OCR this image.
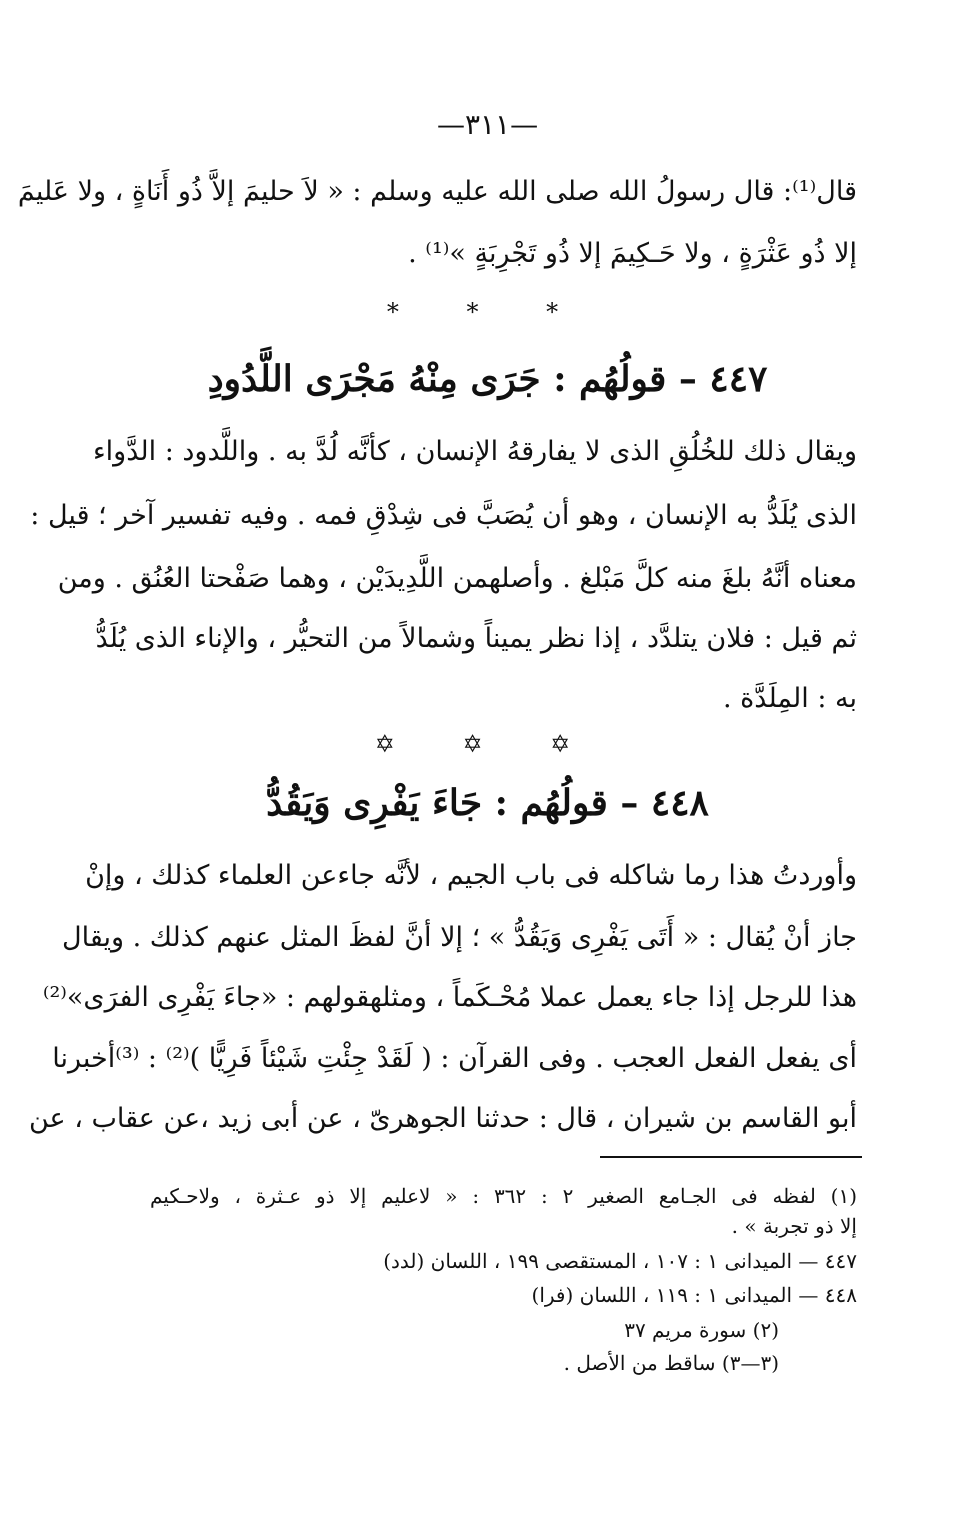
—٣١١—
قال⁽¹⁾: قال رسولُ الله صلى الله عليه وسلم : « لاَ حليمَ إلاَّ ذُو أَنَاةٍ ، ولا عَليمَ
إلا ذُو عَثْرَةٍ ، ولا حَـكِيمَ إلا ذُو تَجْرِبَةٍ »⁽¹⁾ .
* * *
٤٤٧ – قولُهُم : جَرَى مِنْهُ مَجْرَى اللَّدُودِ
ويقال ذلك للخُلُقِ الذى لا يفارقهُ الإنسان ، كأنَّه لُدَّ به . واللَّدود : الدَّواء
الذى يُلَدُّ به الإنسان ، وهو أن يُصَبَّ فى شِدْقِ فمه . وفيه تفسير آخر ؛ قيل :
معناه أنَّهُ بلغَ منه كلَّ مَبْلغ . وأصلهمن اللَّدِيدَيْن ، وهما صَفْحتا العُنُق . ومن
ثم قيل : فلان يتلدَّد ، إذا نظر يميناً وشمالاً من التحيُّر ، والإناء الذى يُلَدُّ
به : المِلَدَّة .
✡ ✡ ✡
٤٤٨ – قولُهُم : جَاءَ يَفْرِى وَيَقُدُّ
وأوردتُ هذا رما شاكله فى باب الجيم ، لأنَّه جاءعن العلماء كذلك ، وإنْ
جاز أنْ يُقال : « أَتَى يَفْرِى وَيَقُدُّ » ؛ إلا أنَّ لفظَ المثل عنهم كذلك . ويقال
هذا للرجل إذا جاء يعمل عملا مُحْـكَماً ، ومثلهقولهم : «جاءَ يَفْرِى الفرَى»⁽²⁾
أى يفعل الفعل العجب . وفى القرآن : ( لَقَدْ جِئْتِ شَيْئاً فَرِيًّا )⁽²⁾ : ⁽³⁾أخبرنا
أبو القاسم بن شيران ، قال : حدثنا الجوهرىّ ، عن أبى زيد ،عن عقاب ، عن
(١) لفظه فى الجـامع الصغير ٢ : ٣٦٢ : « لاعليم إلا ذو عـثرة ، ولاحـكيم
إلا ذو تجربة » .
٤٤٧ — الميدانى ١ : ١٠٧ ، المستقصى ١٩٩ ، اللسان (لدد)
٤٤٨ — الميدانى ١ : ١١٩ ، اللسان (فرا)
(٢) سورة مريم ٣٧
(٣—٣) ساقط من الأصل .
